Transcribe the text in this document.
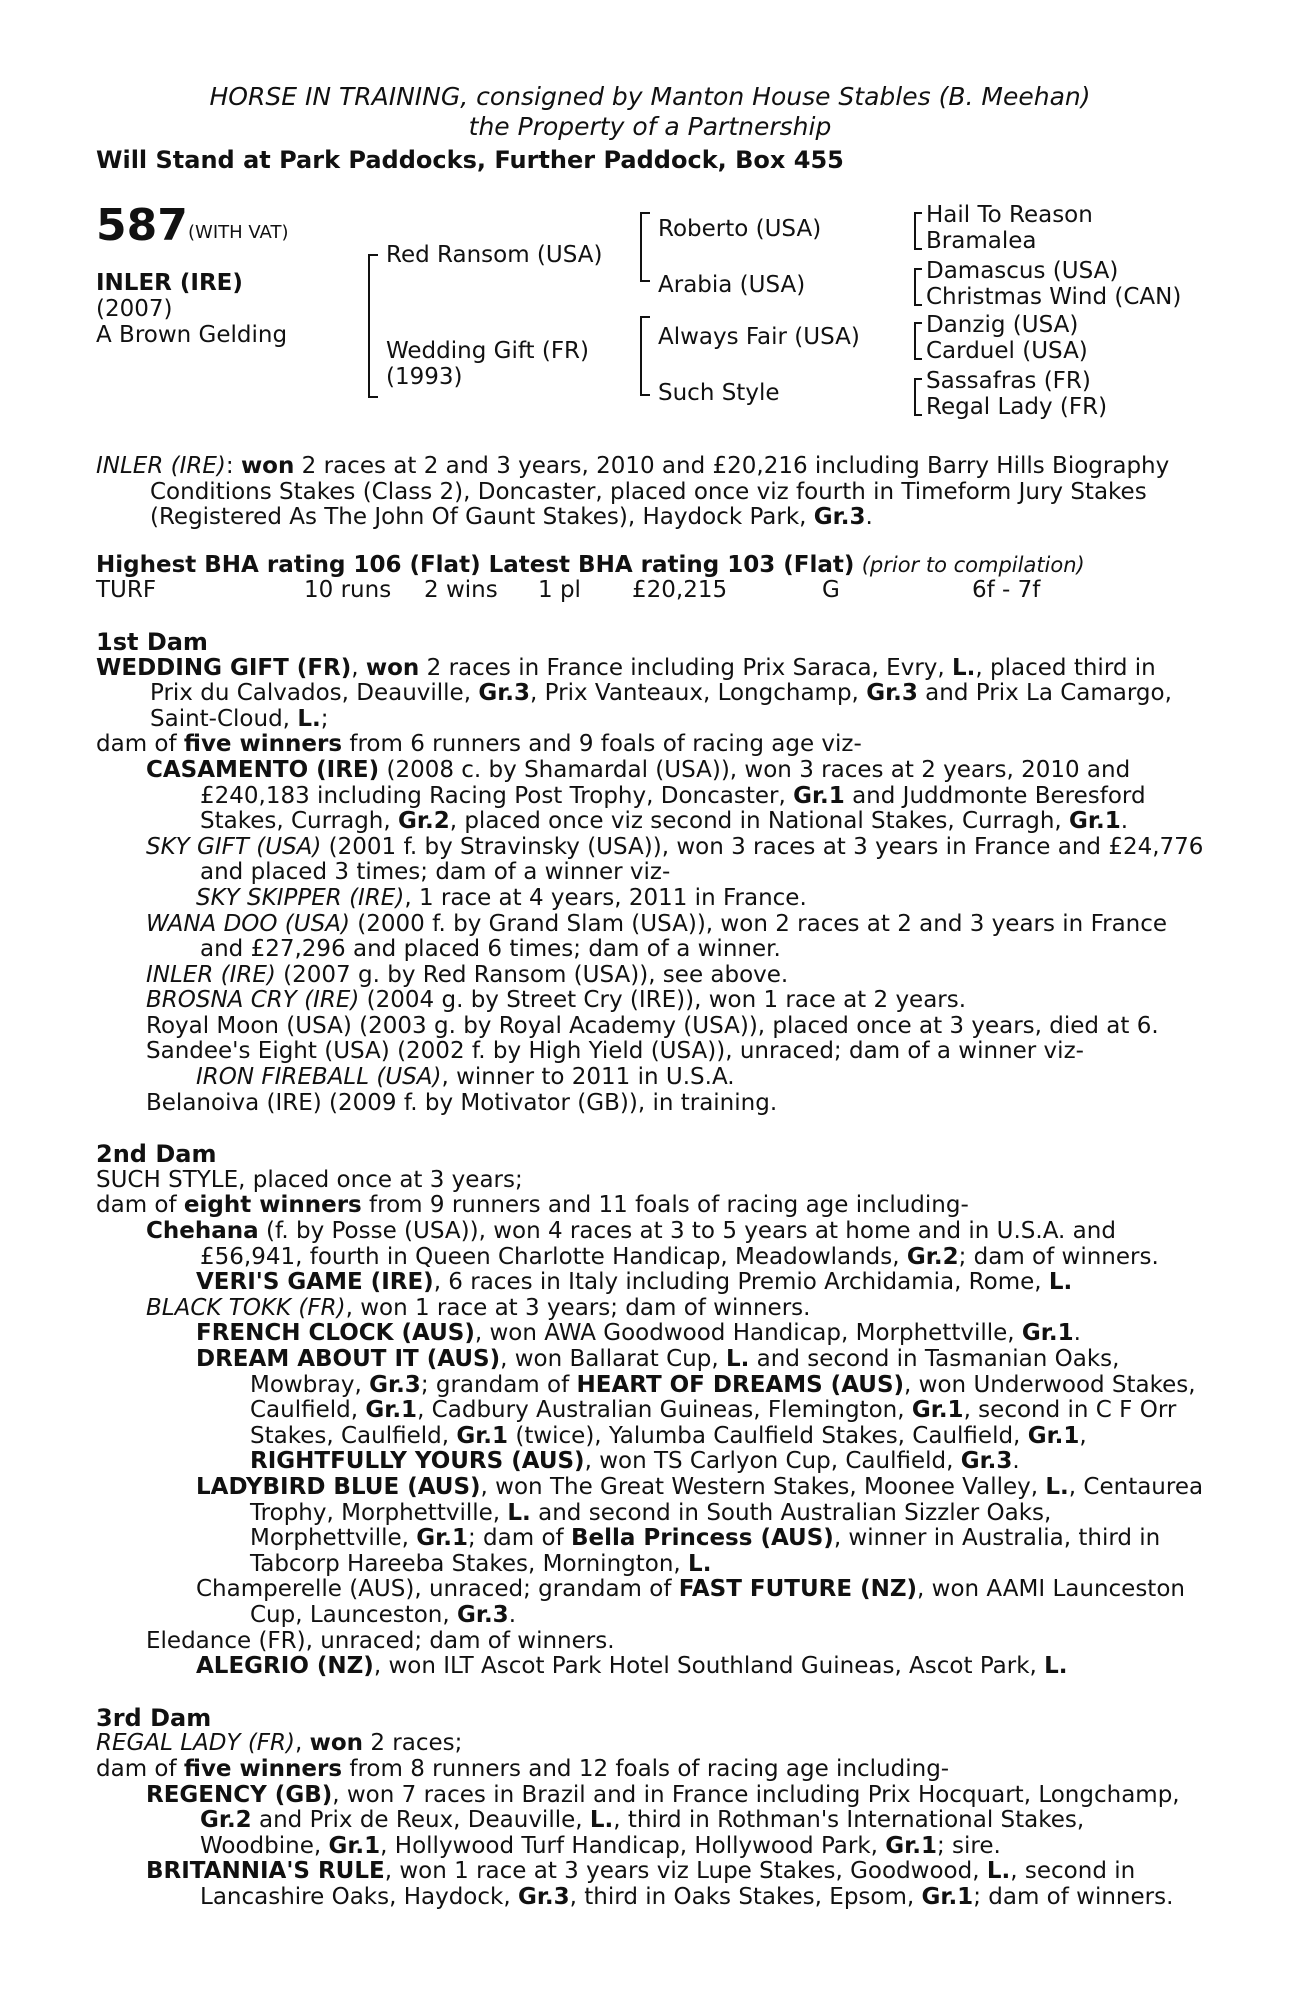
HORSE IN TRAINING, consigned by Manton House Stables (B. Meehan)
the Property of a Partnership
Will Stand at Park Paddocks, Further Paddock, Box 455
587 (WITH VAT)
INLER (IRE)
(2007)
A Brown Gelding
Red Ransom (USA)
Wedding Gift (FR)
(1993)
Roberto (USA)
Arabia (USA)
Always Fair (USA)
Such Style
Hail To Reason
Bramalea
Damascus (USA)
Christmas Wind (CAN)
Danzig (USA)
Carduel (USA)
Sassafras (FR)
Regal Lady (FR)
INLER (IRE): won 2 races at 2 and 3 years, 2010 and £20,216 including Barry Hills Biography Conditions Stakes (Class 2), Doncaster, placed once viz fourth in Timeform Jury Stakes (Registered As The John Of Gaunt Stakes), Haydock Park, Gr.3.
Highest BHA rating 106 (Flat) Latest BHA rating 103 (Flat) (prior to compilation)
TURF	10 runs	2 wins	1 pl	£20,215	G	6f - 7f
1st Dam
WEDDING GIFT (FR), won 2 races in France including Prix Saraca, Evry, L., placed third in Prix du Calvados, Deauville, Gr.3, Prix Vanteaux, Longchamp, Gr.3 and Prix La Camargo, Saint-Cloud, L.;
dam of five winners from 6 runners and 9 foals of racing age viz-
CASAMENTO (IRE) (2008 c. by Shamardal (USA)), won 3 races at 2 years, 2010 and £240,183 including Racing Post Trophy, Doncaster, Gr.1 and Juddmonte Beresford Stakes, Curragh, Gr.2, placed once viz second in National Stakes, Curragh, Gr.1.
SKY GIFT (USA) (2001 f. by Stravinsky (USA)), won 3 races at 3 years in France and £24,776 and placed 3 times; dam of a winner viz-
SKY SKIPPER (IRE), 1 race at 4 years, 2011 in France.
WANA DOO (USA) (2000 f. by Grand Slam (USA)), won 2 races at 2 and 3 years in France and £27,296 and placed 6 times; dam of a winner.
INLER (IRE) (2007 g. by Red Ransom (USA)), see above.
BROSNA CRY (IRE) (2004 g. by Street Cry (IRE)), won 1 race at 2 years.
Royal Moon (USA) (2003 g. by Royal Academy (USA)), placed once at 3 years, died at 6.
Sandee's Eight (USA) (2002 f. by High Yield (USA)), unraced; dam of a winner viz-
IRON FIREBALL (USA), winner to 2011 in U.S.A.
Belanoiva (IRE) (2009 f. by Motivator (GB)), in training.
2nd Dam
SUCH STYLE, placed once at 3 years;
dam of eight winners from 9 runners and 11 foals of racing age including-
Chehana (f. by Posse (USA)), won 4 races at 3 to 5 years at home and in U.S.A. and £56,941, fourth in Queen Charlotte Handicap, Meadowlands, Gr.2; dam of winners.
VERI'S GAME (IRE), 6 races in Italy including Premio Archidamia, Rome, L.
BLACK TOKK (FR), won 1 race at 3 years; dam of winners.
FRENCH CLOCK (AUS), won AWA Goodwood Handicap, Morphettville, Gr.1.
DREAM ABOUT IT (AUS), won Ballarat Cup, L. and second in Tasmanian Oaks, Mowbray, Gr.3; grandam of HEART OF DREAMS (AUS), won Underwood Stakes, Caulfield, Gr.1, Cadbury Australian Guineas, Flemington, Gr.1, second in C F Orr Stakes, Caulfield, Gr.1 (twice), Yalumba Caulfield Stakes, Caulfield, Gr.1, RIGHTFULLY YOURS (AUS), won TS Carlyon Cup, Caulfield, Gr.3.
LADYBIRD BLUE (AUS), won The Great Western Stakes, Moonee Valley, L., Centaurea Trophy, Morphettville, L. and second in South Australian Sizzler Oaks, Morphettville, Gr.1; dam of Bella Princess (AUS), winner in Australia, third in Tabcorp Hareeba Stakes, Mornington, L.
Champerelle (AUS), unraced; grandam of FAST FUTURE (NZ), won AAMI Launceston Cup, Launceston, Gr.3.
Eledance (FR), unraced; dam of winners.
ALEGRIO (NZ), won ILT Ascot Park Hotel Southland Guineas, Ascot Park, L.
3rd Dam
REGAL LADY (FR), won 2 races;
dam of five winners from 8 runners and 12 foals of racing age including-
REGENCY (GB), won 7 races in Brazil and in France including Prix Hocquart, Longchamp, Gr.2 and Prix de Reux, Deauville, L., third in Rothman's International Stakes, Woodbine, Gr.1, Hollywood Turf Handicap, Hollywood Park, Gr.1; sire.
BRITANNIA'S RULE, won 1 race at 3 years viz Lupe Stakes, Goodwood, L., second in Lancashire Oaks, Haydock, Gr.3, third in Oaks Stakes, Epsom, Gr.1; dam of winners.
